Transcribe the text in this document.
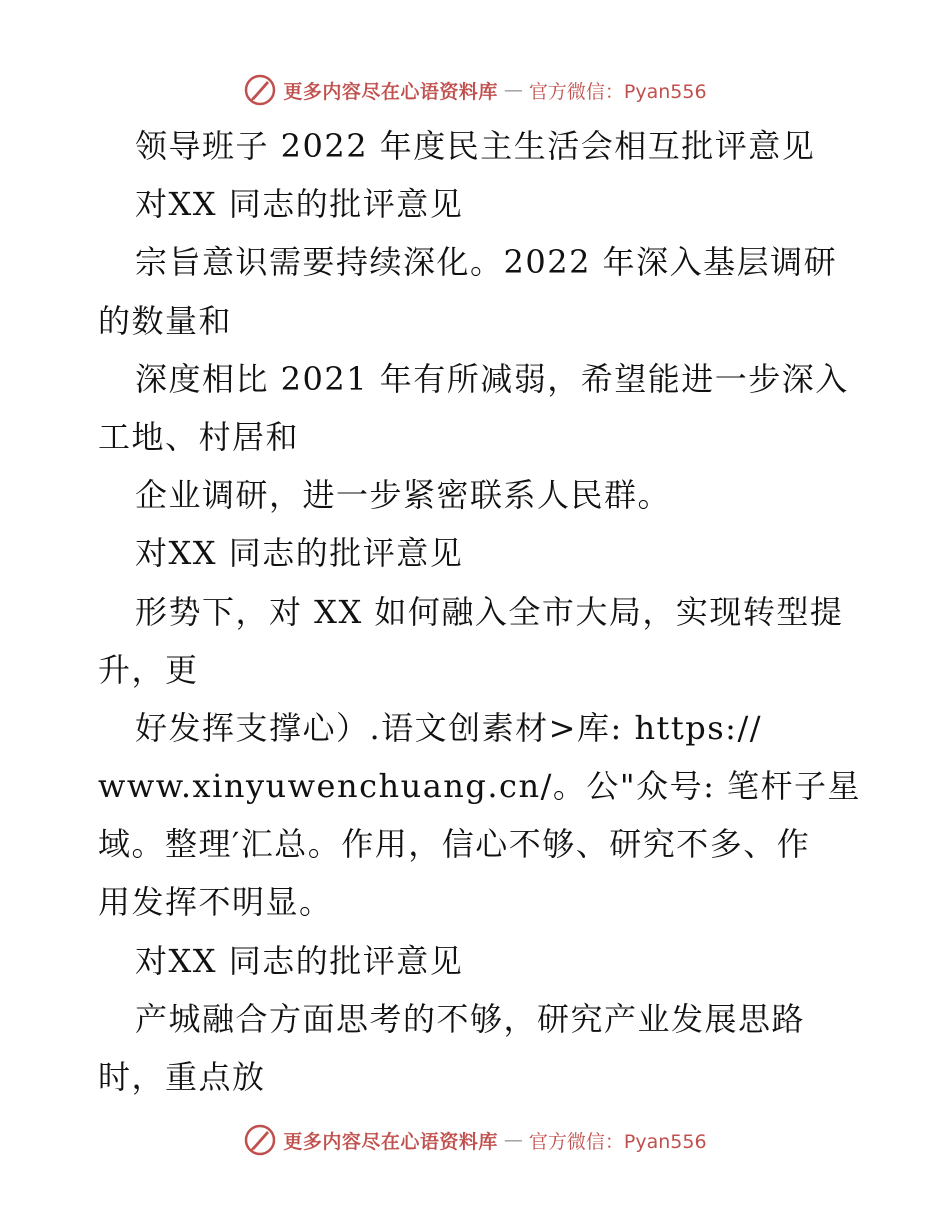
更多内容尽在心语资料库 — 官方微信：Pyan556
领导班子 2022 年度民主生活会相互批评意见
对XX 同志的批评意见
宗旨意识需要持续深化。2022 年深入基层调研
的数量和
深度相比 2021 年有所减弱，希望能进一步深入
工地、村居和
企业调研，进一步紧密联系人民群。
对XX 同志的批评意见
形势下，对 XX 如何融入全市大局，实现转型提
升，更
好发挥支撑心）.语文创素材>库: https://
www.xinyuwenchuang.cn/。公"众号: 笔杆子星
域。整理′汇总。作用，信心不够、研究不多、作
用发挥不明显。
对XX 同志的批评意见
产城融合方面思考的不够，研究产业发展思路
时，重点放
更多内容尽在心语资料库 — 官方微信：Pyan556
